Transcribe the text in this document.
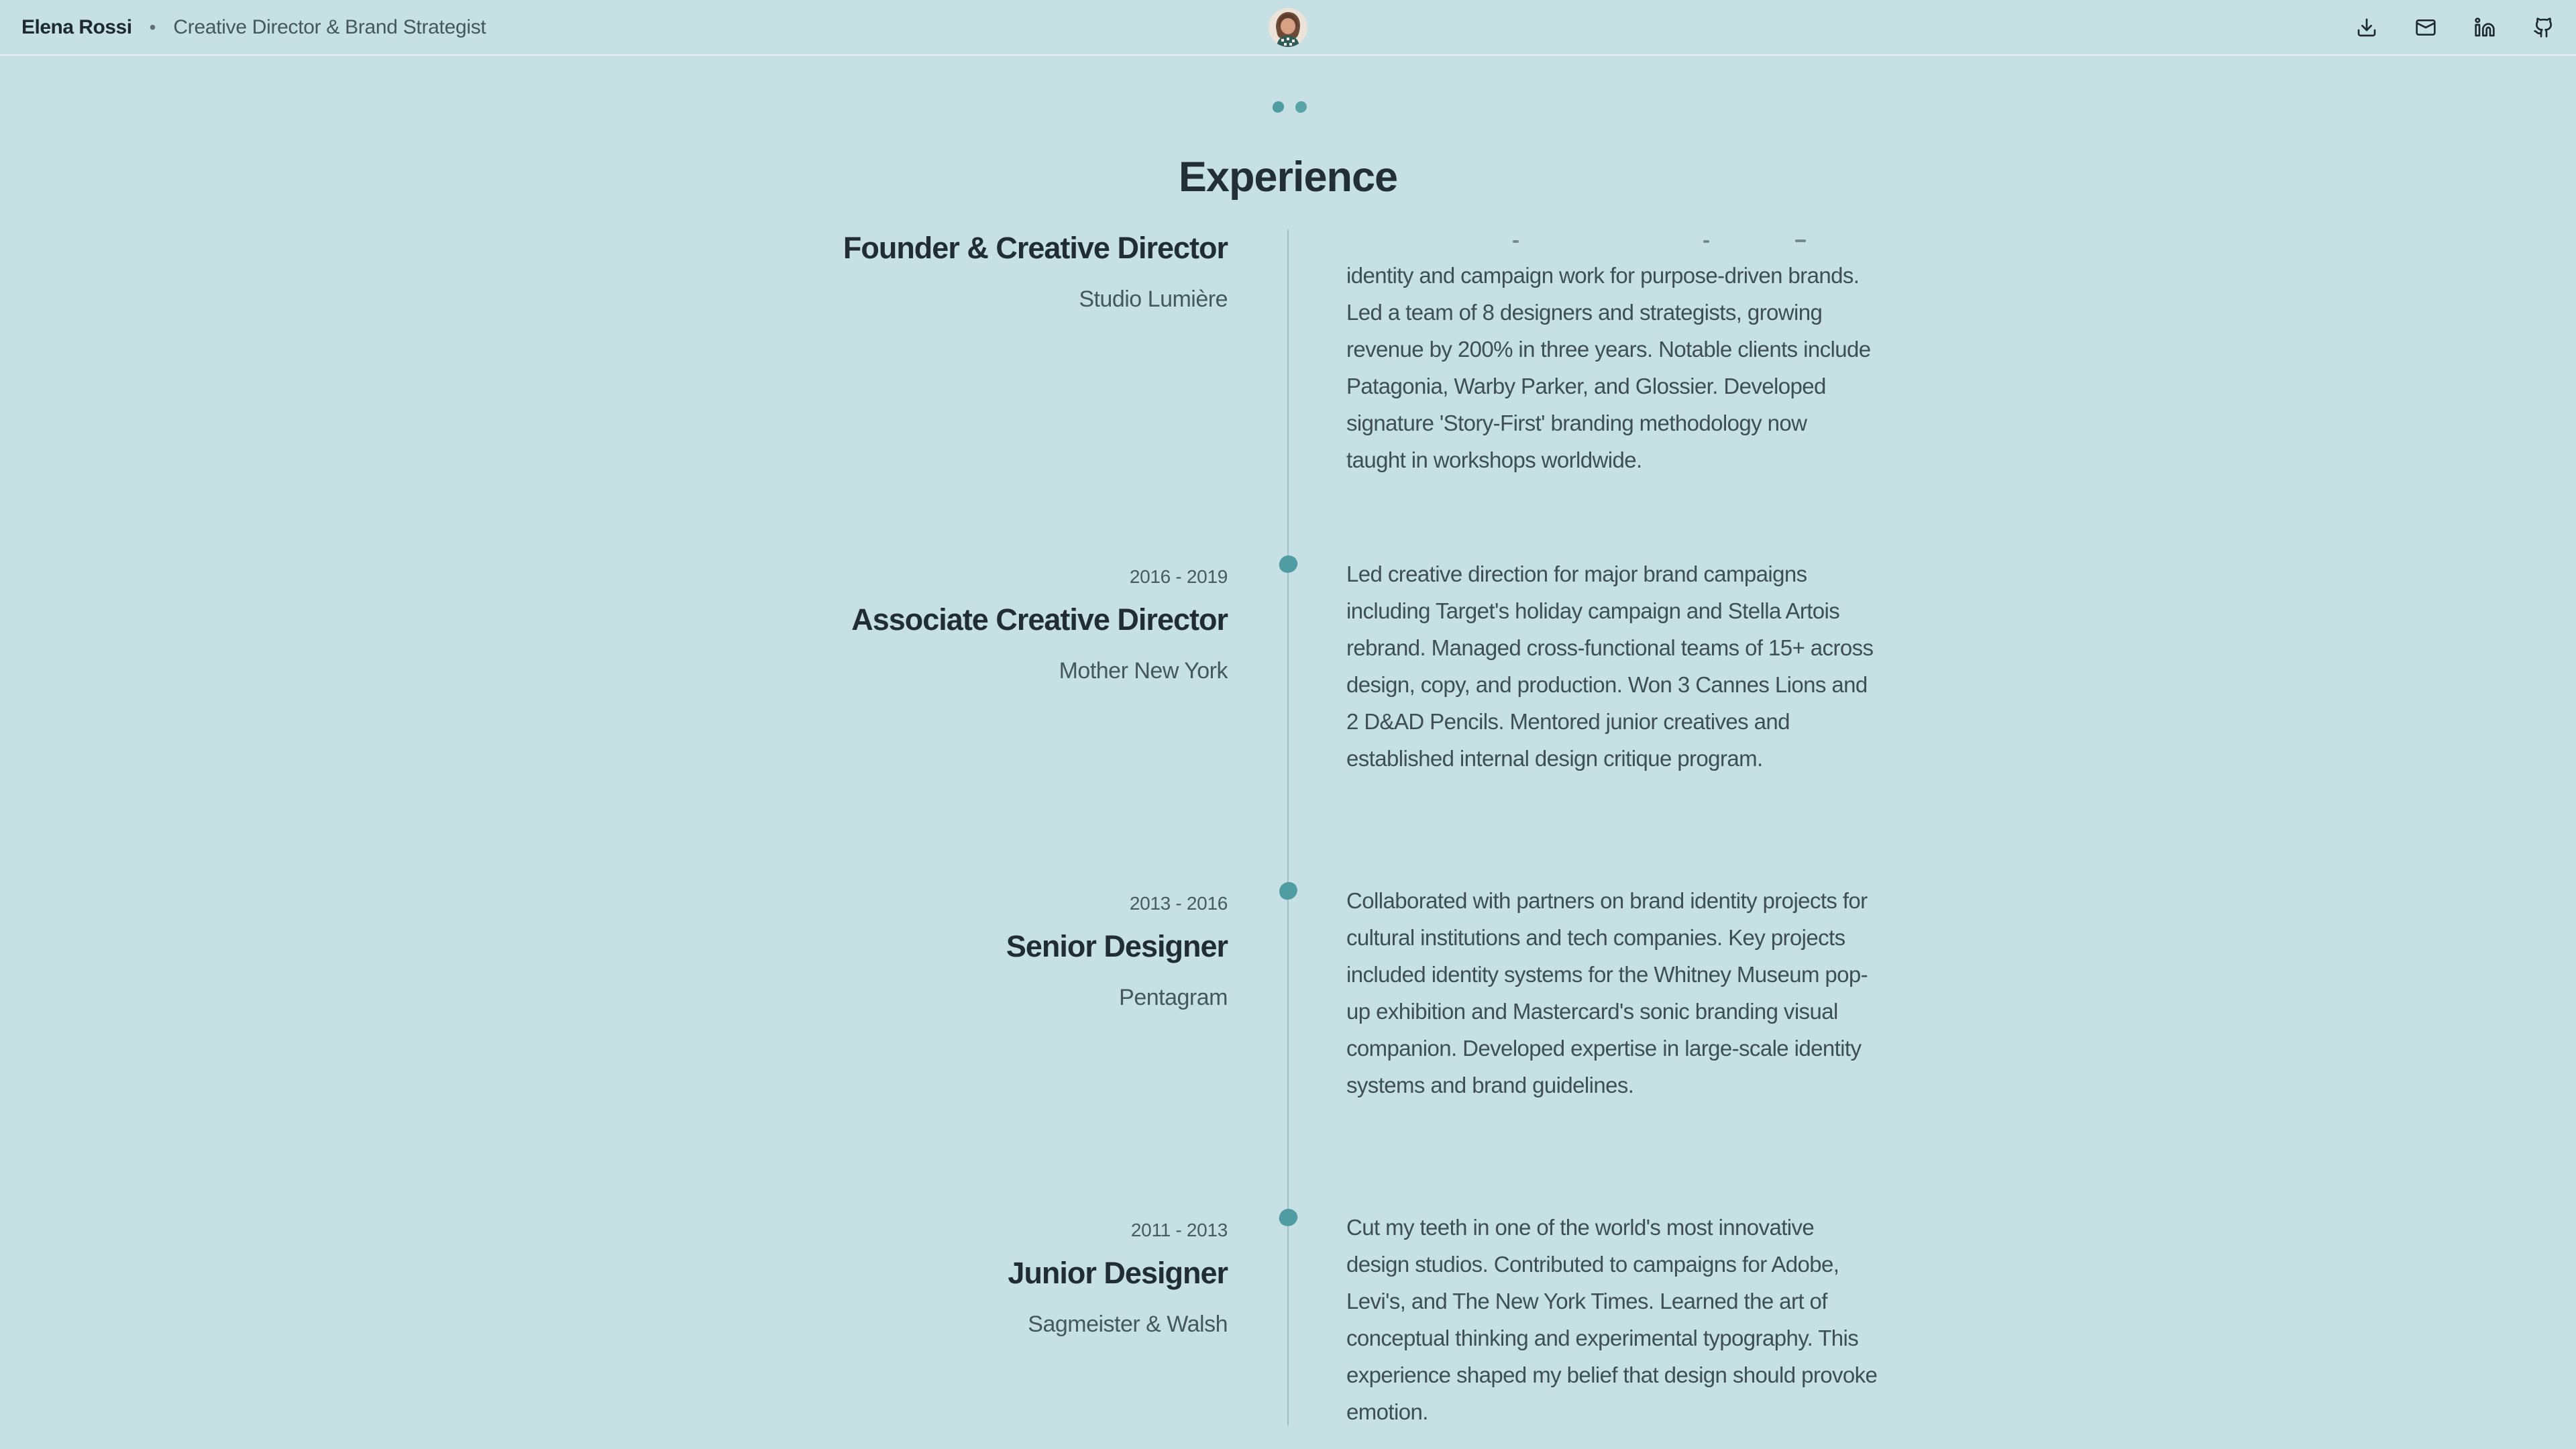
Elena Rossi • Creative Director & Brand Strategist
Experience
Founder & Creative Director
Studio Lumière
identity and campaign work for purpose-driven brands.
Led a team of 8 designers and strategists, growing
revenue by 200% in three years. Notable clients include
Patagonia, Warby Parker, and Glossier. Developed
signature 'Story-First' branding methodology now
taught in workshops worldwide.
2016 - 2019
Associate Creative Director
Mother New York
Led creative direction for major brand campaigns
including Target's holiday campaign and Stella Artois
rebrand. Managed cross-functional teams of 15+ across
design, copy, and production. Won 3 Cannes Lions and
2 D&AD Pencils. Mentored junior creatives and
established internal design critique program.
2013 - 2016
Senior Designer
Pentagram
Collaborated with partners on brand identity projects for
cultural institutions and tech companies. Key projects
included identity systems for the Whitney Museum pop-
up exhibition and Mastercard's sonic branding visual
companion. Developed expertise in large-scale identity
systems and brand guidelines.
2011 - 2013
Junior Designer
Sagmeister & Walsh
Cut my teeth in one of the world's most innovative
design studios. Contributed to campaigns for Adobe,
Levi's, and The New York Times. Learned the art of
conceptual thinking and experimental typography. This
experience shaped my belief that design should provoke
emotion.
